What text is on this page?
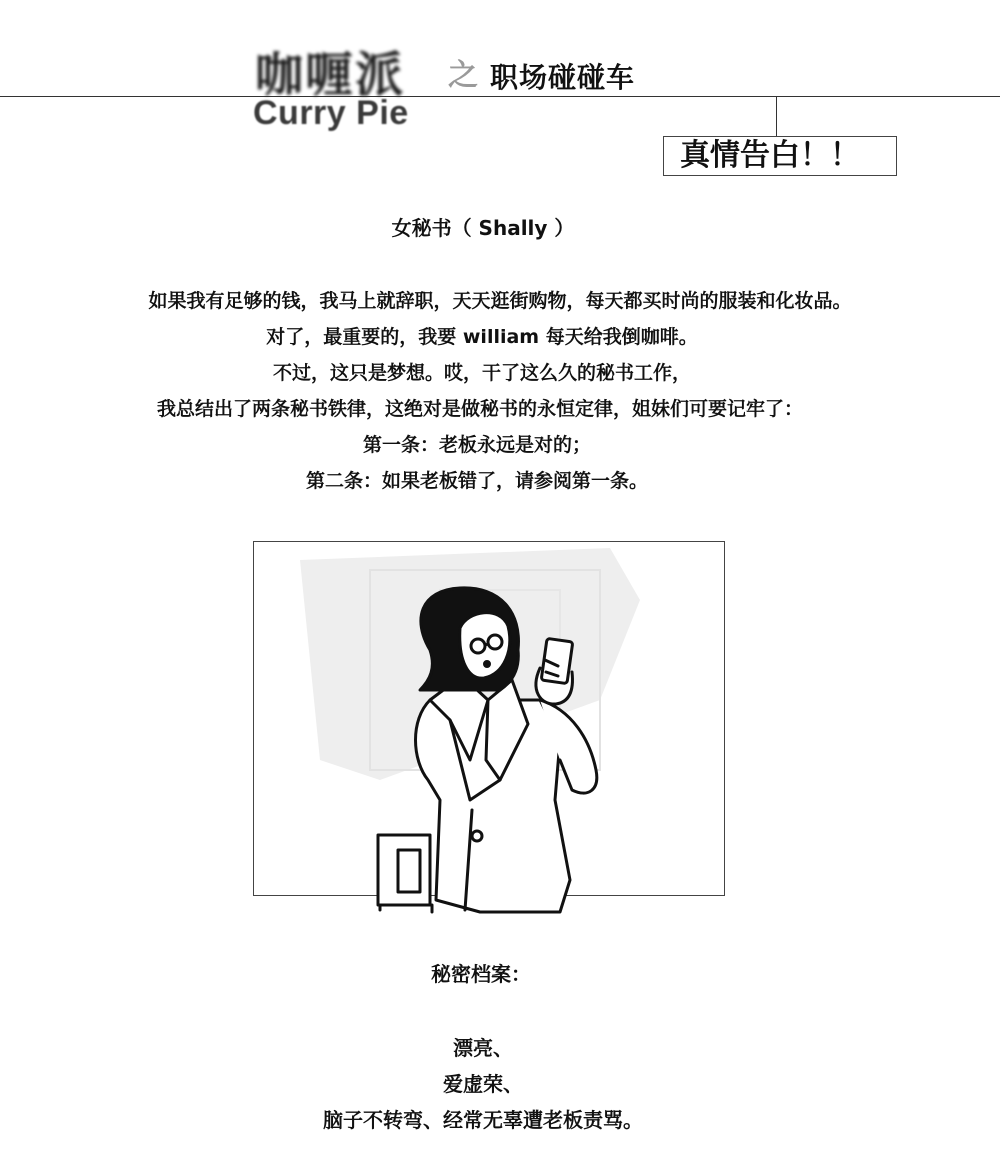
咖喱派 之 职场碰碰车
Curry Pie
真情告白！！
女秘书（ Shally ）
如果我有足够的钱，我马上就辞职，天天逛街购物，每天都买时尚的服装和化妆品。
对了，最重要的，我要 william 每天给我倒咖啡。
不过，这只是梦想。哎，干了这么久的秘书工作，
我总结出了两条秘书铁律，这绝对是做秘书的永恒定律，姐妹们可要记牢了：
第一条：老板永远是对的；
第二条：如果老板错了，请参阅第一条。
秘密档案：
漂亮、
爱虚荣、
脑子不转弯、经常无辜遭老板责骂。
